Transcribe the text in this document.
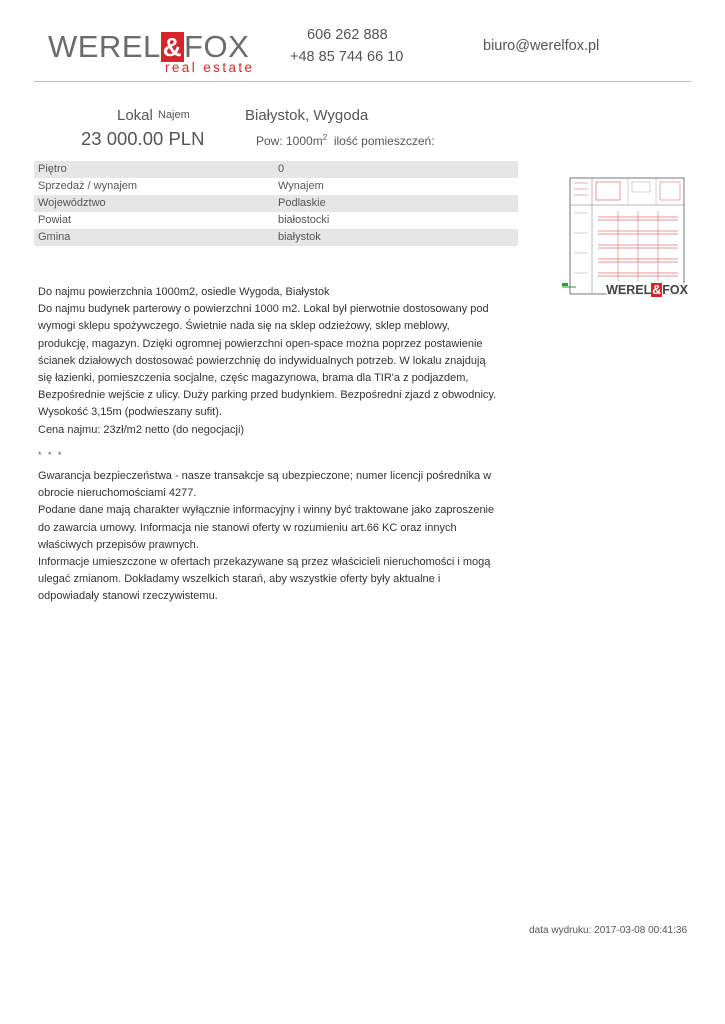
WEREL&FOX
real estate
606 262 888
+48 85 744 66 10
biuro@werelfox.pl
Lokal Najem	Białystok, Wygoda
23 000.00 PLN	Pow: $1000m^2$ ilość pomieszczeń:
Piętro	0
Sprzedaż / wynajem	Wynajem
Województwo	Podlaskie
Powiat	białostocki
Gmina	białystok
WEREL&FOX

Do najmu powierzchnia 1000m2, osiedle Wygoda, Białystok

Do najmu budynek parterowy o powierzchni 1000 m2. Lokal był pierwotnie dostosowany pod wymogi sklepu spożywczego. Świetnie nada się na sklep odzieżowy, sklep meblowy, produkcję, magazyn. Dzięki ogromnej powierzchni open-space można poprzez postawienie ścianek działowych dostosować powierzchnię do indywidualnych potrzeb. W lokalu znajdują się łazienki, pomieszczenia socjalne, częśc magazynowa, brama dla TIR'a z podjazdem, Bezpośrednie wejście z ulicy. Duży parking przed budynkiem. Bezpośredni zjazd z obwodnicy. Wysokość 3,15m (podwieszany sufit).

Cena najmu: 23zł/m2 netto (do negocjacji)

* * *

Gwarancja bezpieczeństwa - nasze transakcje są ubezpieczone; numer licencji pośrednika w obrocie nieruchomościami 4277.

Podane dane mają charakter wyłącznie informacyjny i winny być traktowane jako zaproszenie do zawarcia umowy. Informacja nie stanowi oferty w rozumieniu art.66 KC oraz innych właściwych przepisów prawnych.

Informacje umieszczone w ofertach przekazywane są przez właścicieli nieruchomości i mogą ulegać zmianom. Dokładamy wszelkich starań, aby wszystkie oferty były aktualne i odpowiadały stanowi rzeczywistemu.

data wydruku: 2017-03-08 00:41:36
